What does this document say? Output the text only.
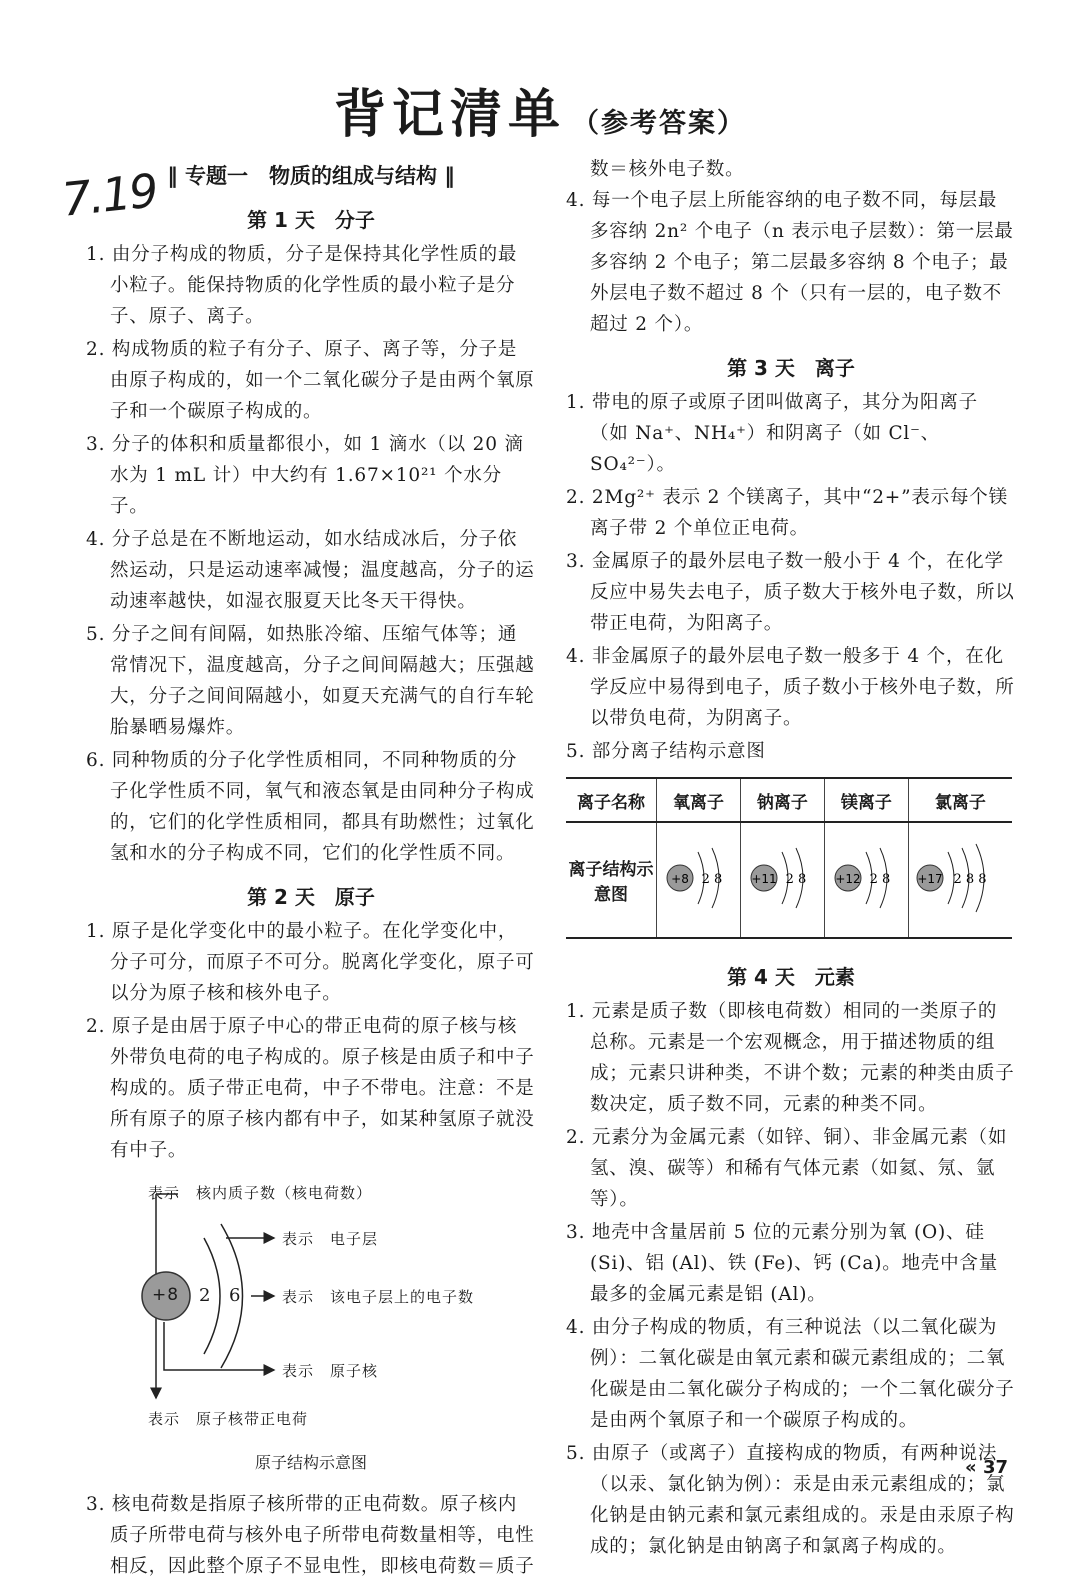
背记清单 （参考答案）
7.19 ‖ 专题一　物质的组成与结构 ‖
第 1 天　分子

1. 由分子构成的物质，分子是保持其化学性质的最小粒子。能保持物质的化学性质的最小粒子是分子、原子、离子。

2. 构成物质的粒子有分子、原子、离子等，分子是由原子构成的，如一个二氧化碳分子是由两个氧原子和一个碳原子构成的。

3. 分子的体积和质量都很小，如 1 滴水（以 20 滴水为 1 mL 计）中大约有 1.67×10²¹ 个水分子。

4. 分子总是在不断地运动，如水结成冰后，分子依然运动，只是运动速率减慢；温度越高，分子的运动速率越快，如湿衣服夏天比冬天干得快。

5. 分子之间有间隔，如热胀冷缩、压缩气体等；通常情况下，温度越高，分子之间间隔越大；压强越大，分子之间间隔越小，如夏天充满气的自行车轮胎暴晒易爆炸。

6. 同种物质的分子化学性质相同，不同种物质的分子化学性质不同，氧气和液态氧是由同种分子构成的，它们的化学性质相同，都具有助燃性；过氧化氢和水的分子构成不同，它们的化学性质不同。

第 2 天　原子

1. 原子是化学变化中的最小粒子。在化学变化中，分子可分，而原子不可分。脱离化学变化，原子可以分为原子核和核外电子。

2. 原子是由居于原子中心的带正电荷的原子核与核外带负电荷的电子构成的。原子核是由质子和中子构成的。质子带正电荷，中子不带电。注意：不是所有原子的原子核内都有中子，如某种氢原子就没有中子。

+8 2 6
表示　核内质子数（核电荷数）
表示　电子层
表示　该电子层上的电子数
表示　原子核
表示　原子核带正电荷
原子结构示意图

3. 核电荷数是指原子核所带的正电荷数。原子核内质子所带电荷与核外电子所带电荷数量相等，电性相反，因此整个原子不显电性，即核电荷数＝质子

数＝核外电子数。

4. 每一个电子层上所能容纳的电子数不同，每层最多容纳 2n² 个电子（n 表示电子层数）：第一层最多容纳 2 个电子；第二层最多容纳 8 个电子；最外层电子数不超过 8 个（只有一层的，电子数不超过 2 个）。

第 3 天　离子

1. 带电的原子或原子团叫做离子，其分为阳离子（如 Na⁺、NH₄⁺）和阴离子（如 Cl⁻、SO₄²⁻）。

2. 2Mg²⁺ 表示 2 个镁离子，其中“2+”表示每个镁离子带 2 个单位正电荷。

3. 金属原子的最外层电子数一般小于 4 个，在化学反应中易失去电子，质子数大于核外电子数，所以带正电荷，为阳离子。

4. 非金属原子的最外层电子数一般多于 4 个，在化学反应中易得到电子，质子数小于核外电子数，所以带负电荷，为阴离子。

5. 部分离子结构示意图

离子名称	氧离子	钠离子	镁离子	氯离子
离子结构示意图	+8 2 8	+11 2 8	+12 2 8	+17 2 8 8
第 4 天　元素

1. 元素是质子数（即核电荷数）相同的一类原子的总称。元素是一个宏观概念，用于描述物质的组成；元素只讲种类，不讲个数；元素的种类由质子数决定，质子数不同，元素的种类不同。

2. 元素分为金属元素（如锌、铜）、非金属元素（如氢、溴、碳等）和稀有气体元素（如氦、氖、氩等）。

3. 地壳中含量居前 5 位的元素分别为氧 (O)、硅 (Si)、铝 (Al)、铁 (Fe)、钙 (Ca)。地壳中含量最多的金属元素是铝 (Al)。

4. 由分子构成的物质，有三种说法（以二氧化碳为例）：二氧化碳是由氧元素和碳元素组成的；二氧化碳是由二氧化碳分子构成的；一个二氧化碳分子是由两个氧原子和一个碳原子构成的。

5. 由原子（或离子）直接构成的物质，有两种说法（以汞、氯化钠为例）：汞是由汞元素组成的；氯化钠是由钠元素和氯元素组成的。汞是由汞原子构成的；氯化钠是由钠离子和氯离子构成的。

« 37
